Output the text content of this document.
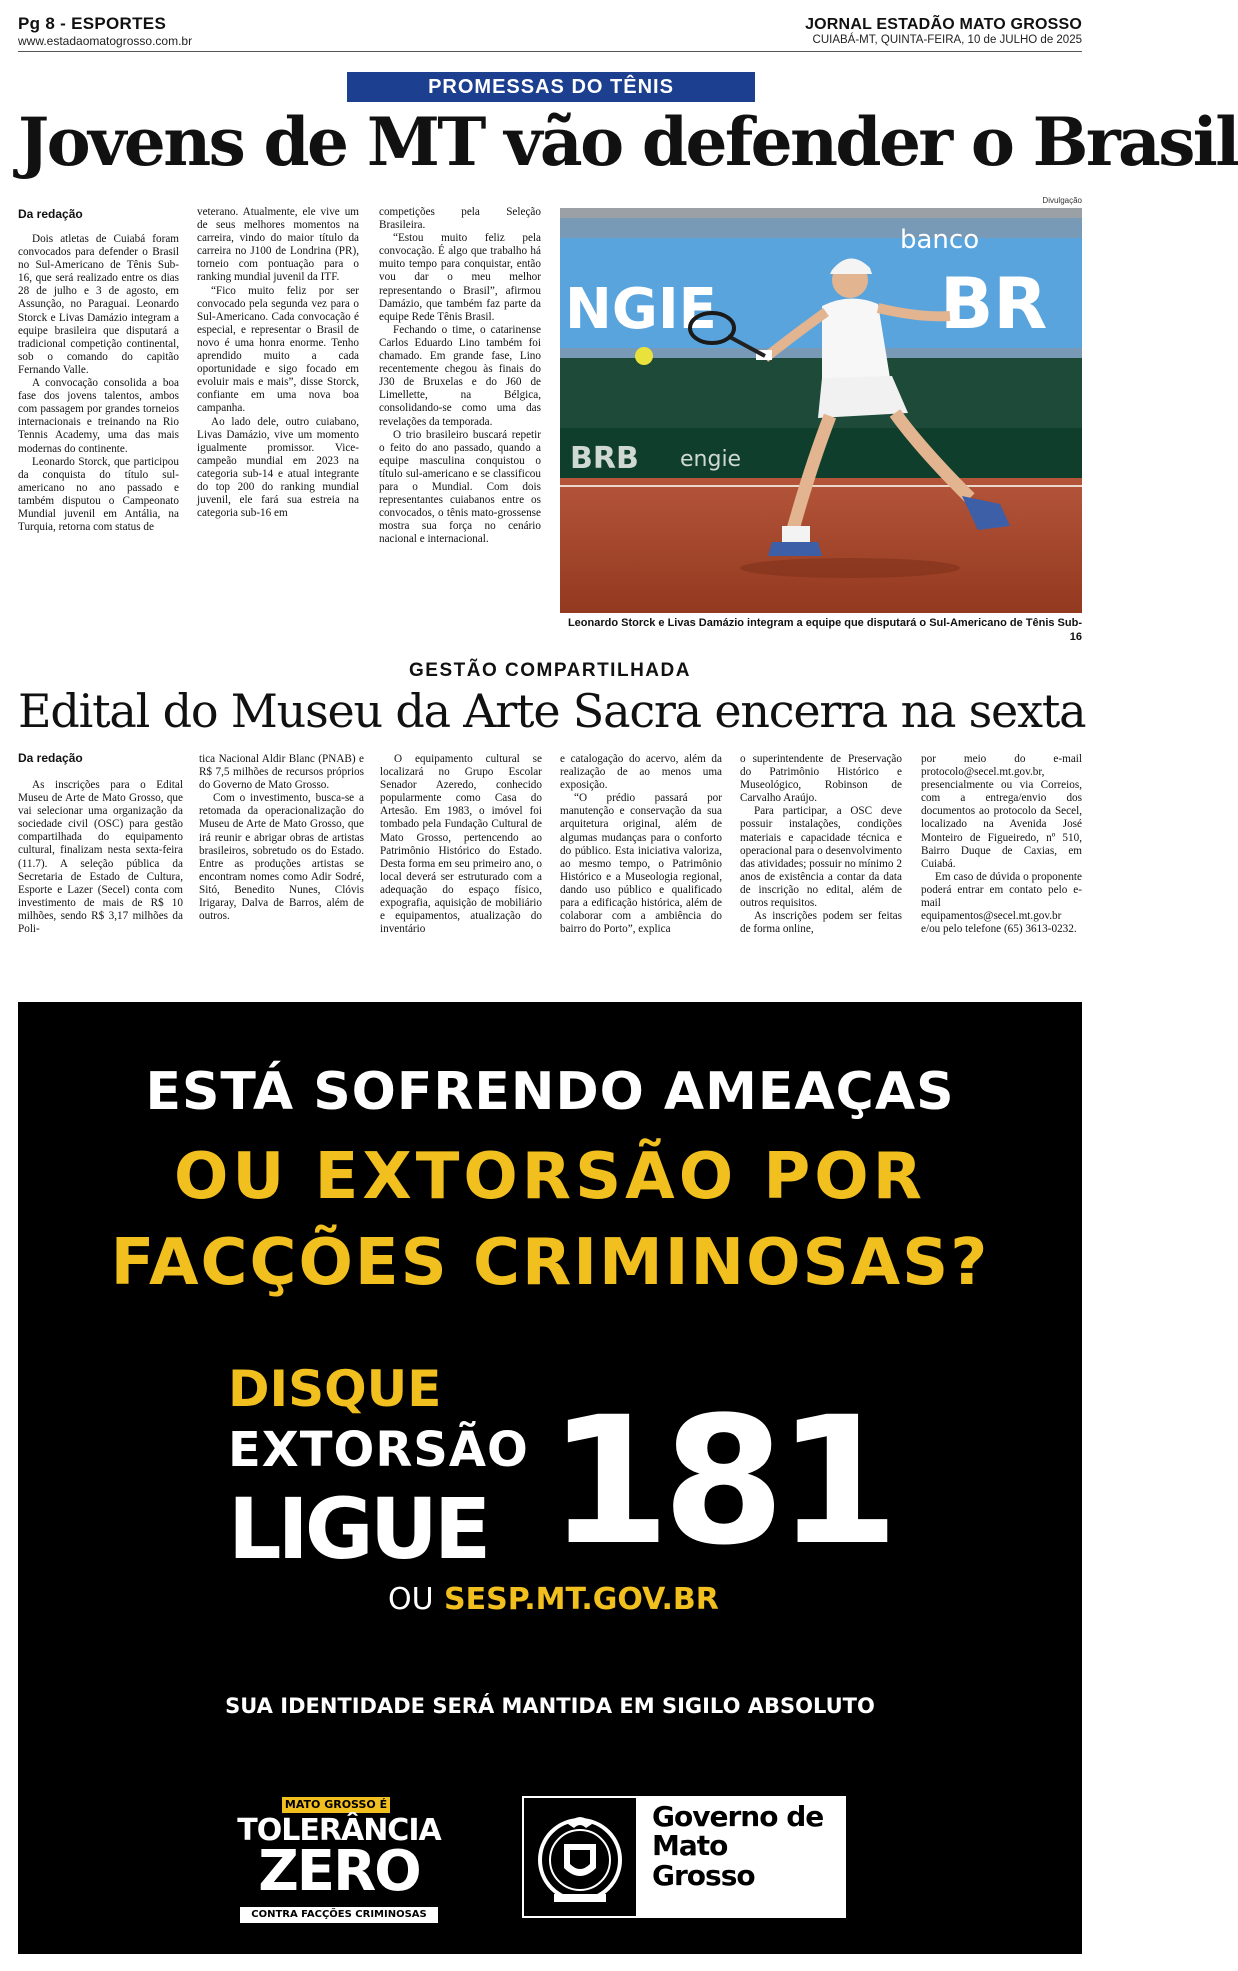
Pg 8 - ESPORTES
www.estadaomatogrosso.com.br
JORNAL ESTADÃO MATO GROSSO
CUIABÁ-MT, QUINTA-FEIRA, 10 de JULHO de 2025
PROMESSAS DO TÊNIS
Jovens de MT vão defender o Brasil
Da redação

Dois atletas de Cuiabá foram convocados para defender o Brasil no Sul-Americano de Tênis Sub-16, que será realizado entre os dias 28 de julho e 3 de agosto, em Assunção, no Paraguai. Leonardo Storck e Livas Damázio integram a equipe brasileira que disputará a tradicional competição continental, sob o comando do capitão Fernando Valle.

A convocação consolida a boa fase dos jovens talentos, ambos com passagem por grandes torneios internacionais e treinando na Rio Tennis Academy, uma das mais modernas do continente.

Leonardo Storck, que participou da conquista do título sul-americano no ano passado e também disputou o Campeonato Mundial juvenil em Antália, na Turquia, retorna com status de

veterano. Atualmente, ele vive um de seus melhores momentos na carreira, vindo do maior título da carreira no J100 de Londrina (PR), torneio com pontuação para o ranking mundial juvenil da ITF.

“Fico muito feliz por ser convocado pela segunda vez para o Sul-Americano. Cada convocação é especial, e representar o Brasil de novo é uma honra enorme. Tenho aprendido muito a cada oportunidade e sigo focado em evoluir mais e mais”, disse Storck, confiante em uma nova boa campanha.

Ao lado dele, outro cuiabano, Livas Damázio, vive um momento igualmente promissor. Vice-campeão mundial em 2023 na categoria sub-14 e atual integrante do top 200 do ranking mundial juvenil, ele fará sua estreia na categoria sub-16 em

competições pela Seleção Brasileira.

“Estou muito feliz pela convocação. É algo que trabalho há muito tempo para conquistar, então vou dar o meu melhor representando o Brasil”, afirmou Damázio, que também faz parte da equipe Rede Tênis Brasil.

Fechando o time, o catarinense Carlos Eduardo Lino também foi chamado. Em grande fase, Lino recentemente chegou às finais do J30 de Bruxelas e do J60 de Limellette, na Bélgica, consolidando-se como uma das revelações da temporada.

O trio brasileiro buscará repetir o feito do ano passado, quando a equipe masculina conquistou o título sul-americano e se classificou para o Mundial. Com dois representantes cuiabanos entre os convocados, o tênis mato-grossense mostra sua força no cenário nacional e internacional.

Divulgação
banco
NGIE	BR
BRB engie
Leonardo Storck e Livas Damázio integram a equipe que disputará o Sul-Americano de Tênis Sub-16
GESTÃO COMPARTILHADA
Edital do Museu da Arte Sacra encerra na sexta
Da redação

As inscrições para o Edital Museu de Arte de Mato Grosso, que vai selecionar uma organização da sociedade civil (OSC) para gestão compartilhada do equipamento cultural, finalizam nesta sexta-feira (11.7). A seleção pública da Secretaria de Estado de Cultura, Esporte e Lazer (Secel) conta com investimento de mais de R$ 10 milhões, sendo R$ 3,17 milhões da Poli-

tica Nacional Aldir Blanc (PNAB) e R$ 7,5 milhões de recursos próprios do Governo de Mato Grosso.

Com o investimento, busca-se a retomada da operacionalização do Museu de Arte de Mato Grosso, que irá reunir e abrigar obras de artistas brasileiros, sobretudo os do Estado. Entre as produções artistas se encontram nomes como Adir Sodré, Sitó, Benedito Nunes, Clóvis Irigaray, Dalva de Barros, além de outros.

O equipamento cultural se localizará no Grupo Escolar Senador Azeredo, conhecido popularmente como Casa do Artesão. Em 1983, o imóvel foi tombado pela Fundação Cultural de Mato Grosso, pertencendo ao Patrimônio Histórico do Estado. Desta forma em seu primeiro ano, o local deverá ser estruturado com a adequação do espaço físico, expografia, aquisição de mobiliário e equipamentos, atualização do inventário

e catalogação do acervo, além da realização de ao menos uma exposição.

“O prédio passará por manutenção e conservação da sua arquitetura original, além de algumas mudanças para o conforto do público. Esta iniciativa valoriza, ao mesmo tempo, o Patrimônio Histórico e a Museologia regional, dando uso público e qualificado para a edificação histórica, além de colaborar com a ambiência do bairro do Porto”, explica

o superintendente de Preservação do Patrimônio Histórico e Museológico, Robinson de Carvalho Araújo.

Para participar, a OSC deve possuir instalações, condições materiais e capacidade técnica e operacional para o desenvolvimento das atividades; possuir no mínimo 2 anos de existência a contar da data de inscrição no edital, além de outros requisitos.

As inscrições podem ser feitas de forma online,

por meio do e-mail protocolo@secel.mt.gov.br, presencialmente ou via Correios, com a entrega/envio dos documentos ao protocolo da Secel, localizado na Avenida José Monteiro de Figueiredo, nº 510, Bairro Duque de Caxias, em Cuiabá.

Em caso de dúvida o proponente poderá entrar em contato pelo e-mail equipamentos@secel.mt.gov.br e/ou pelo telefone (65) 3613-0232.

ESTÁ SOFRENDO AMEAÇAS
OU EXTORSÃO POR
FACÇÕES CRIMINOSAS?
DISQUE
EXTORSÃO
LIGUE 181
OU SESP.MT.GOV.BR
SUA IDENTIDADE SERÁ MANTIDA EM SIGILO ABSOLUTO
MATO GROSSO É
TOLERÂNCIA
ZERO
CONTRA FACÇÕES CRIMINOSAS
Governo de
Mato
Grosso
